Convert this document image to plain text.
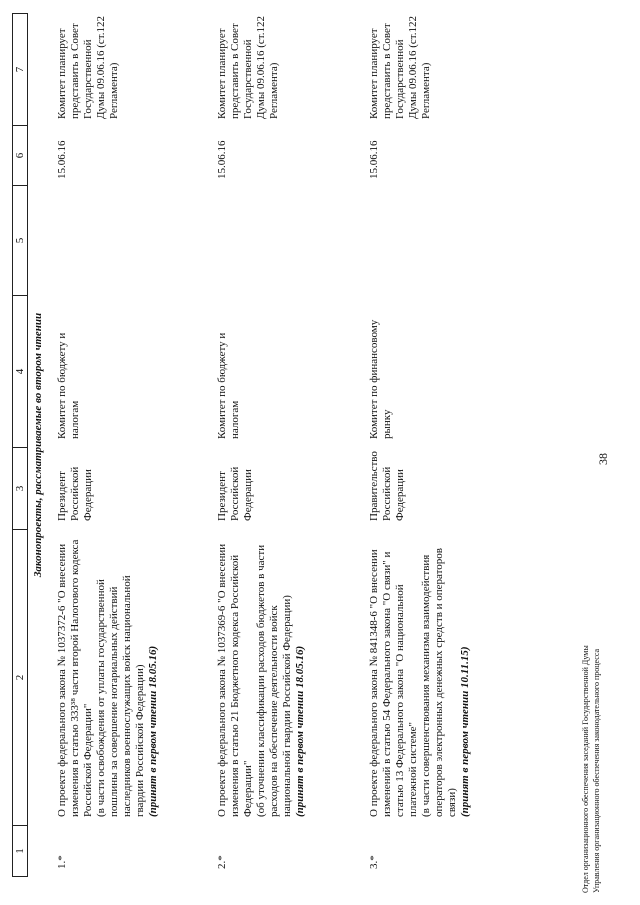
1
2
3
4
5
6
7
Законопроекты, рассматриваемые во втором чтении
1.*
О проекте федерального закона № 1037372-6 "О внесении изменения в статью 333³⁸ части второй Налогового кодекса Российской Федерации" (в части освобождения от уплаты государственной пошлины за совершение нотариальных действий наследников военнослужащих войск национальной гвардии Российской Федерации) (принят в первом чтении 18.05.16)
Президент Российской Федерации
Комитет по бюджету и налогам
15.06.16
Комитет планирует представить в Совет Государственной Думы 09.06.16 (ст.122 Регламента)
2.*
О проекте федерального закона № 1037369-6 "О внесении изменения в статью 21 Бюджетного кодекса Российской Федерации" (об уточнении классификации расходов бюджетов в части расходов на обеспечение деятельности войск национальной гвардии Российской Федерации) (принят в первом чтении 18.05.16)
Президент Российской Федерации
Комитет по бюджету и налогам
15.06.16
Комитет планирует представить в Совет Государственной Думы 09.06.16 (ст.122 Регламента)
3.*
О проекте федерального закона № 841348-6 "О внесении изменений в статью 54 Федерального закона "О связи" и статью 13 Федерального закона "О национальной платежной системе" (в части совершенствования механизма взаимодействия операторов электронных денежных средств и операторов связи) (принят в первом чтении 10.11.15)
Правительство Российской Федерации
Комитет по финансовому рынку
15.06.16
Комитет планирует представить в Совет Государственной Думы 09.06.16 (ст.122 Регламента)
38
Отдел организационного обеспечения заседаний Государственной Думы Управления организационного обеспечения законодательного процесса
